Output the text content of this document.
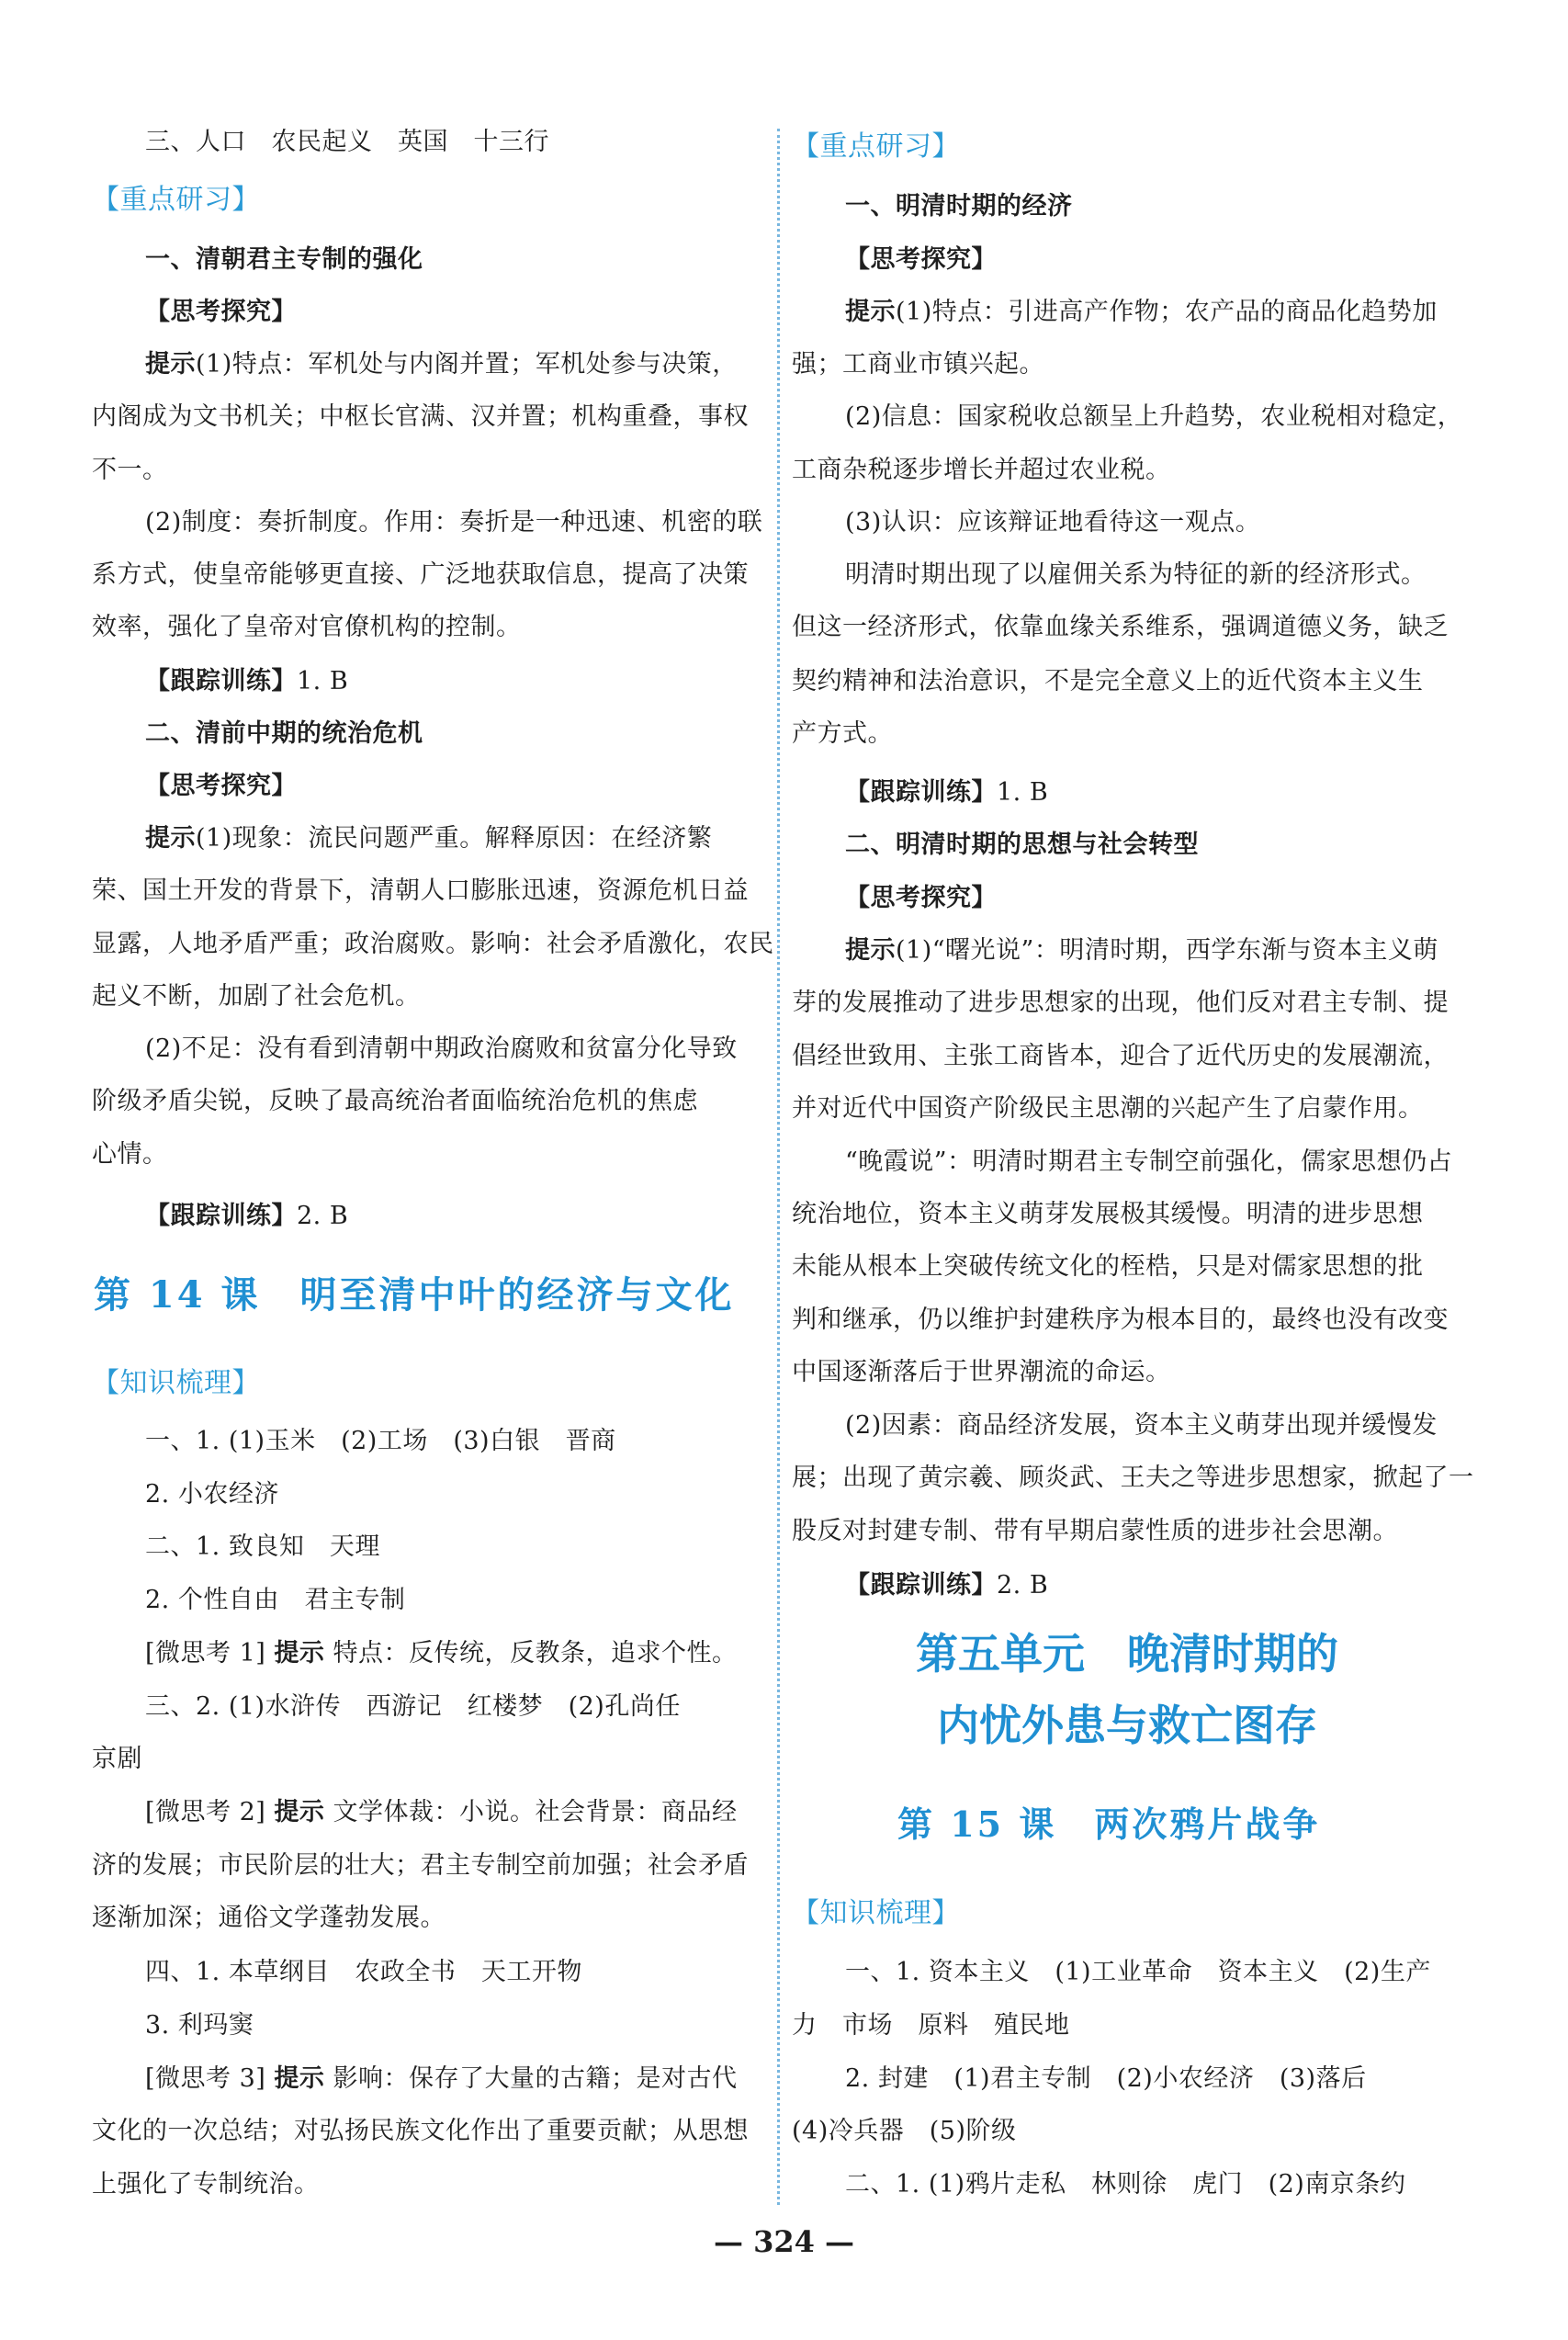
三、人口　农民起义　英国　十三行
【重点研习】
一、清朝君主专制的强化
【思考探究】
提示(1)特点：军机处与内阁并置；军机处参与决策，
内阁成为文书机关；中枢长官满、汉并置；机构重叠，事权
不一。
(2)制度：奏折制度。作用：奏折是一种迅速、机密的联
系方式，使皇帝能够更直接、广泛地获取信息，提高了决策
效率，强化了皇帝对官僚机构的控制。
【跟踪训练】1. B
二、清前中期的统治危机
【思考探究】
提示(1)现象：流民问题严重。解释原因：在经济繁
荣、国土开发的背景下，清朝人口膨胀迅速，资源危机日益
显露，人地矛盾严重；政治腐败。影响：社会矛盾激化，农民
起义不断，加剧了社会危机。
(2)不足：没有看到清朝中期政治腐败和贫富分化导致
阶级矛盾尖锐，反映了最高统治者面临统治危机的焦虑
心情。
【跟踪训练】2. B
第 14 课　明至清中叶的经济与文化
【知识梳理】
一、1. (1)玉米　(2)工场　(3)白银　晋商
2. 小农经济
二、1. 致良知　天理
2. 个性自由　君主专制
[微思考 1] 提示 特点：反传统，反教条，追求个性。
三、2. (1)水浒传　西游记　红楼梦　(2)孔尚任
京剧
[微思考 2] 提示 文学体裁：小说。社会背景：商品经
济的发展；市民阶层的壮大；君主专制空前加强；社会矛盾
逐渐加深；通俗文学蓬勃发展。
四、1. 本草纲目　农政全书　天工开物
3. 利玛窦
[微思考 3] 提示 影响：保存了大量的古籍；是对古代
文化的一次总结；对弘扬民族文化作出了重要贡献；从思想
上强化了专制统治。
【重点研习】
一、明清时期的经济
【思考探究】
提示(1)特点：引进高产作物；农产品的商品化趋势加
强；工商业市镇兴起。
(2)信息：国家税收总额呈上升趋势，农业税相对稳定，
工商杂税逐步增长并超过农业税。
(3)认识：应该辩证地看待这一观点。
明清时期出现了以雇佣关系为特征的新的经济形式。
但这一经济形式，依靠血缘关系维系，强调道德义务，缺乏
契约精神和法治意识，不是完全意义上的近代资本主义生
产方式。
【跟踪训练】1. B
二、明清时期的思想与社会转型
【思考探究】
提示(1)“曙光说”：明清时期，西学东渐与资本主义萌
芽的发展推动了进步思想家的出现，他们反对君主专制、提
倡经世致用、主张工商皆本，迎合了近代历史的发展潮流，
并对近代中国资产阶级民主思潮的兴起产生了启蒙作用。
“晚霞说”：明清时期君主专制空前强化，儒家思想仍占
统治地位，资本主义萌芽发展极其缓慢。明清的进步思想
未能从根本上突破传统文化的桎梏，只是对儒家思想的批
判和继承，仍以维护封建秩序为根本目的，最终也没有改变
中国逐渐落后于世界潮流的命运。
(2)因素：商品经济发展，资本主义萌芽出现并缓慢发
展；出现了黄宗羲、顾炎武、王夫之等进步思想家，掀起了一
股反对封建专制、带有早期启蒙性质的进步社会思潮。
【跟踪训练】2. B
第五单元　晚清时期的
内忧外患与救亡图存
第 15 课　两次鸦片战争
【知识梳理】
一、1. 资本主义　(1)工业革命　资本主义　(2)生产
力　市场　原料　殖民地
2. 封建　(1)君主专制　(2)小农经济　(3)落后
(4)冷兵器　(5)阶级
二、1. (1)鸦片走私　林则徐　虎门　(2)南京条约
— 324 —
